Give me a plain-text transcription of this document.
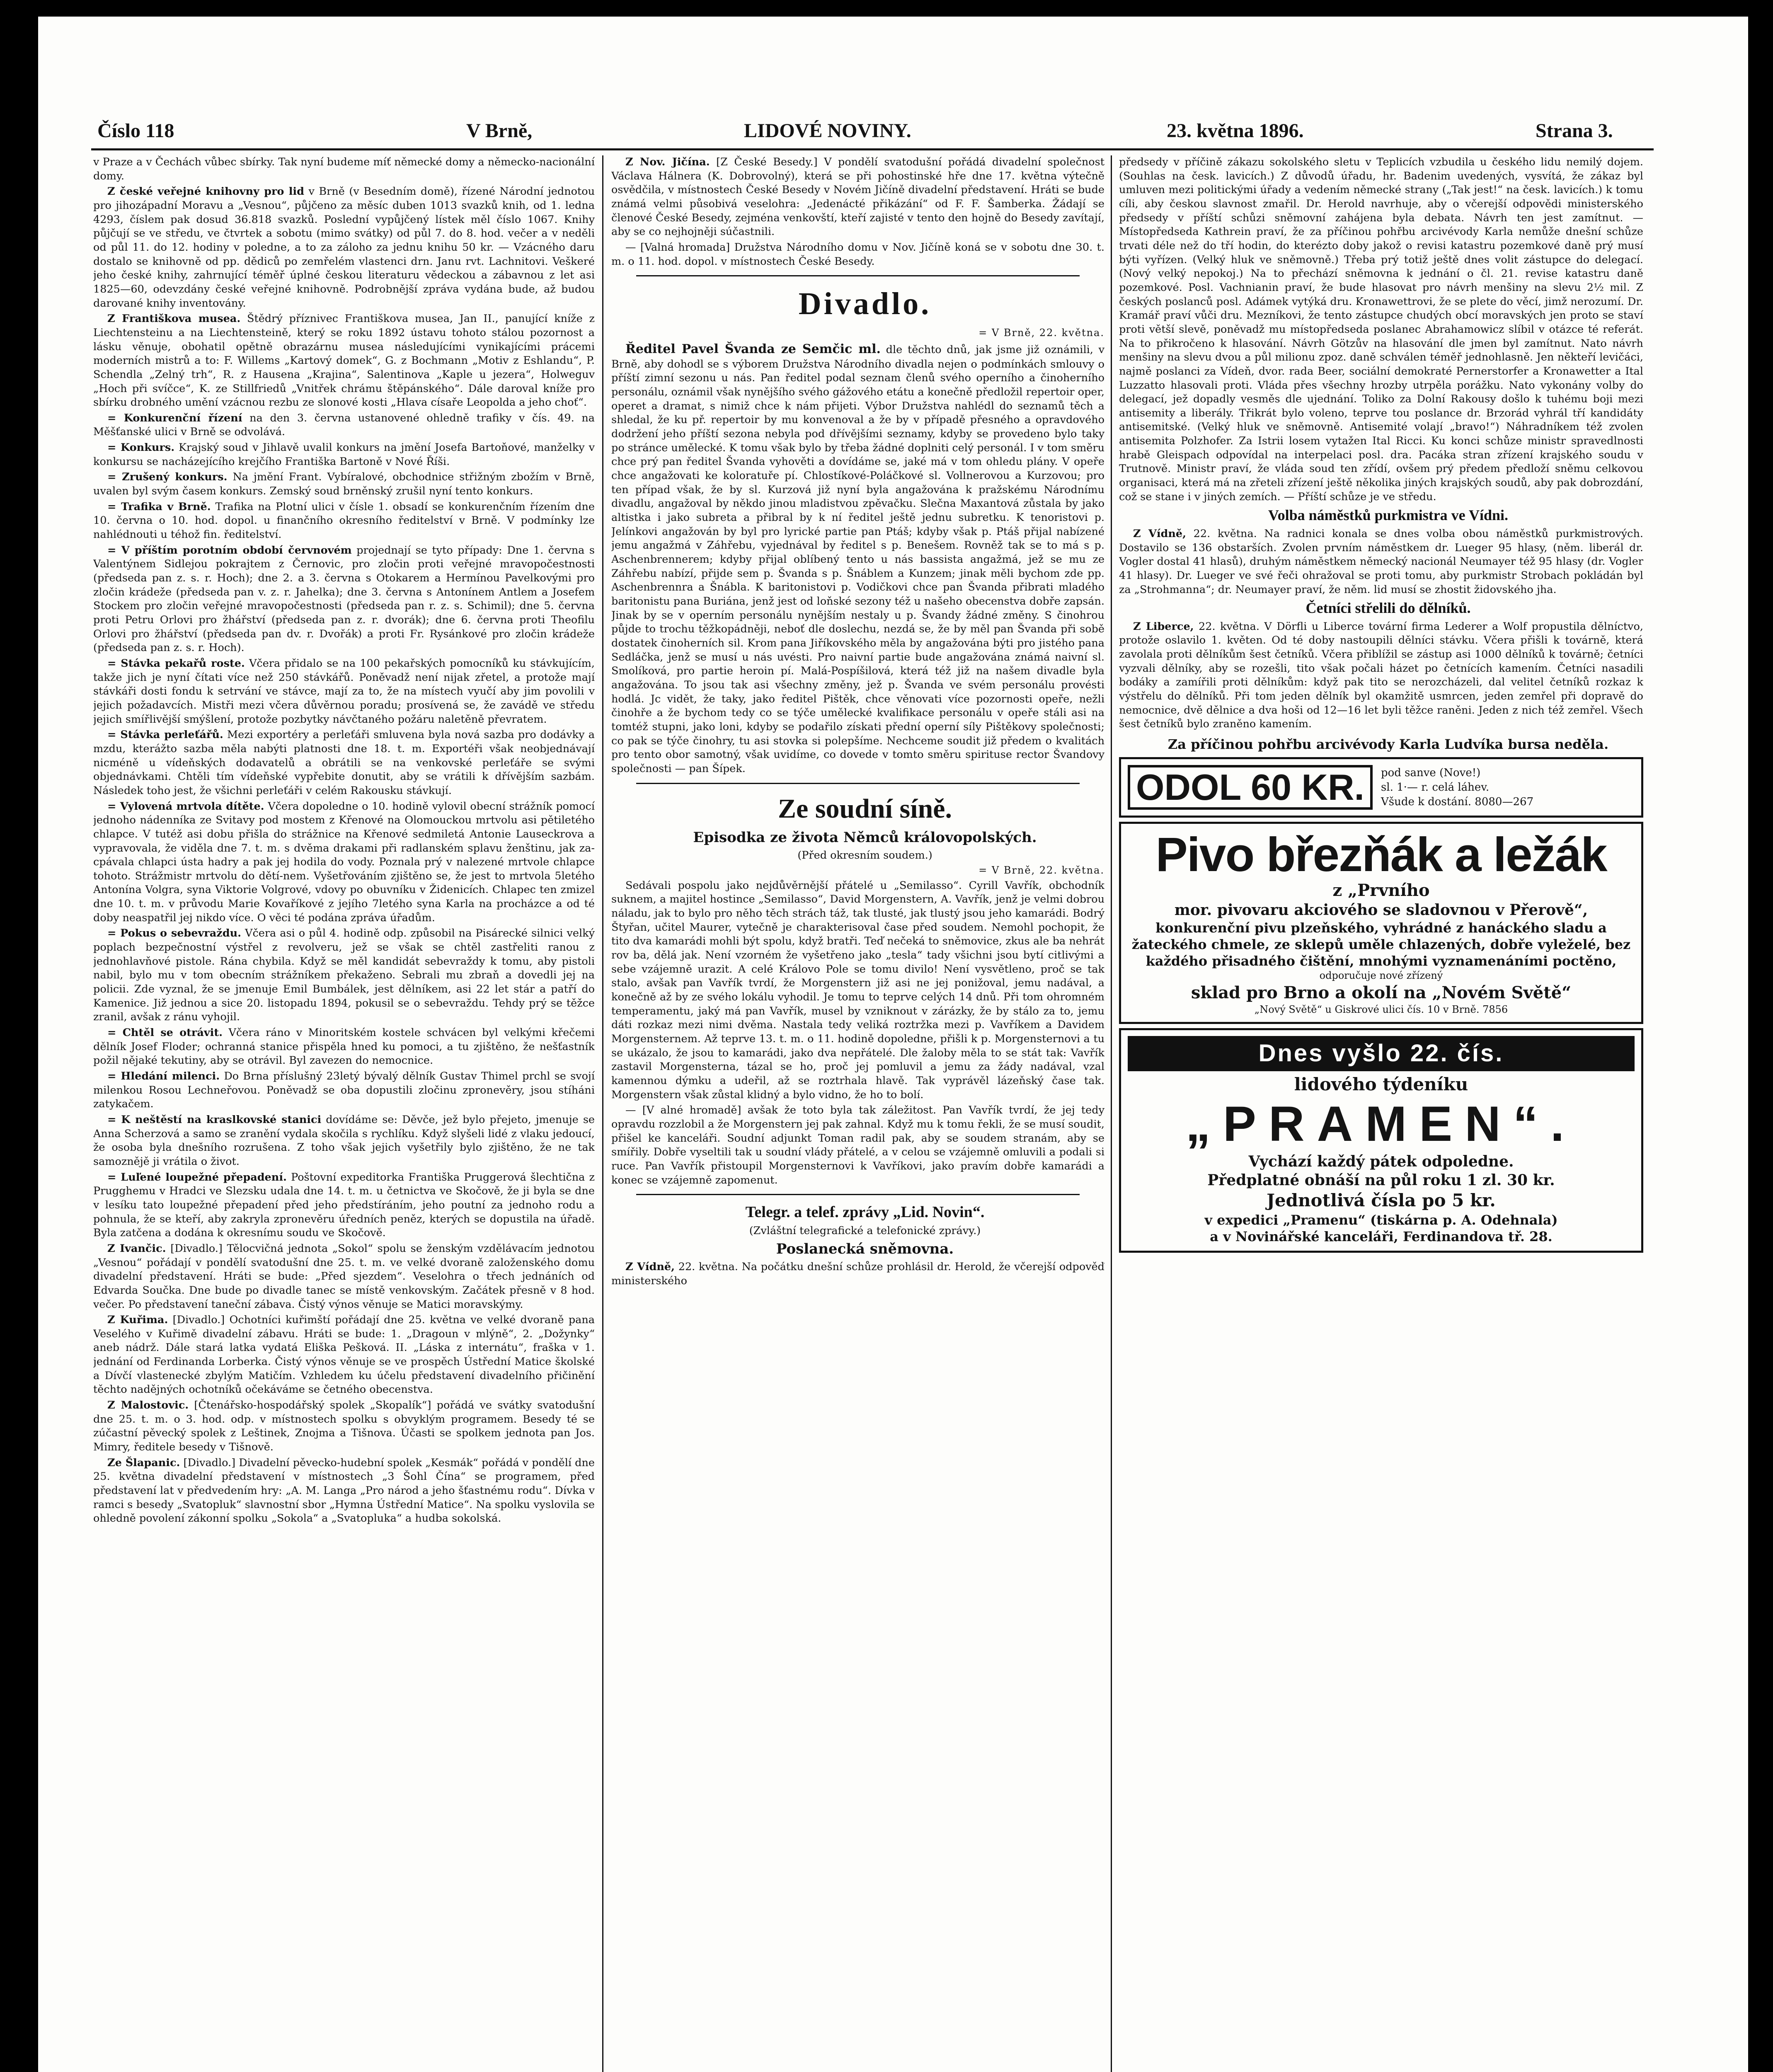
Číslo 118	V Brně,	LIDOVÉ NOVINY.	23. května 1896.	Strana 3.

v Praze a v Čechách vůbec sbírky. Tak nyní budeme míť německé domy a německo-nacionální domy.

Z české veřejné knihovny pro lid v Brně (v Besedním domě), řízené Národní jednotou pro jihozápadní Moravu a „Vesnou“, půjčeno za měsíc duben 1013 svazků knih, od 1. ledna 4293, číslem pak dosud 36.818 svazků. Poslední vypůjčený lístek měl číslo 1067. Knihy půjčují se ve středu, ve čtvrtek a sobotu (mimo svátky) od půl 7. do 8. hod. večer a v neděli od půl 11. do 12. hodiny v poledne, a to za záloho za jednu knihu 50 kr. — Vzácného daru dostalo se knihovně od pp. dědiců po zemřelém vlastenci drn. Janu rvt. Lachnitovi. Veškeré jeho české knihy, zahrnující téměř úplné českou literaturu vědeckou a zábavnou z let asi 1825—60, odevzdány české veřejné knihovně. Podrobnější zpráva vydána bude, až budou darované knihy inventovány.

Z Františkova musea. Štědrý příznivec Františkova musea, Jan II., panující kníže z Liechtensteinu a na Liechtensteině, který se roku 1892 ústavu tohoto stálou pozornost a lásku věnuje, obohatil opětně obrazárnu musea následujícími vynikajícími prácemi moderních mistrů a to: F. Willems „Kartový domek“, G. z Bochmann „Motiv z Eshlandu“, P. Schendla „Zelný trh“, R. z Hausena „Krajina“, Salentinova „Kaple u jezera“, Holweguv „Hoch při svíčce“, K. ze Stillfriedů „Vnitřek chrámu štěpánského“. Dále daroval kníže pro sbírku drobného umění vzácnou rezbu ze slonové kosti „Hlava císaře Leopolda a jeho choť“.

= Konkurenční řízení na den 3. června ustanovené ohledně trafiky v čís. 49. na Měšťanské ulici v Brně se odvolává.

= Konkurs. Krajský soud v Jihlavě uvalil konkurs na jmění Josefa Bartoňové, manželky v konkursu se nacházejícího krejčího Františka Bartoně v Nové Říši.

= Zrušený konkurs. Na jmění Frant. Vybíralové, obchodnice střižným zbožím v Brně, uvalen byl svým časem konkurs. Zemský soud brněnský zrušil nyní tento konkurs.

= Trafika v Brně. Trafika na Plotní ulici v čísle 1. obsadí se konkurenčním řízením dne 10. června o 10. hod. dopol. u finančního okresního ředitelství v Brně. V podmínky lze nahlédnouti u téhož fin. ředitelství.

= V příštím porotním období červnovém projednají se tyto případy: Dne 1. června s Valentýnem Sidlejou pokrajtem z Černovic, pro zločin proti veřejné mravopočestnosti (předseda pan z. s. r. Hoch); dne 2. a 3. června s Otokarem a Hermínou Pavelkovými pro zločin krádeže (předseda pan v. z. r. Jahelka); dne 3. června s Antonínem Antlem a Josefem Stockem pro zločin veřejné mravopočestnosti (předseda pan r. z. s. Schimil); dne 5. června proti Petru Orlovi pro žhářství (předseda pan z. r. dvorák); dne 6. června proti Theofilu Orlovi pro žhářství (předseda pan dv. r. Dvořák) a proti Fr. Rysánkové pro zločin krádeže (předseda pan z. s. r. Hoch).

= Stávka pekařů roste. Včera přidalo se na 100 pekařských pomocníků ku stávkujícím, takže jich je nyní čítati více než 250 stávkářů. Poněvadž není nijak zřetel, a protože mají stávkáři dosti fondu k setrvání ve stávce, mají za to, že na místech vyučí aby jim povolili v jejich požadavcích. Mistři mezi včera důvěrnou poradu; prosívená se, že zavádě ve středu jejich smířlivější smýšlení, protože pozbytky návčtaného požáru naletěně převratem.

= Stávka perleťářů. Mezi exportéry a perleťáři smluvena byla nová sazba pro dodávky a mzdu, kterážto sazba měla nabýti platnosti dne 18. t. m. Exportéři však neobjednávají nicméně u vídeňských dodavatelů a obrátili se na venkovské perleťáře se svými objednávkami. Chtěli tím vídeňské vypřebite donutit, aby se vrátili k dřívějším sazbám. Následek toho jest, že všichni perleťáři v celém Rakousku stávkují.

= Vylovená mrtvola dítěte. Včera dopoledne o 10. hodině vylovil obecní strážník pomocí jednoho nádenníka ze Svitavy pod mostem z Křenové na Olomouckou mrtvolu asi pětiletého chlapce. V tutéž asi dobu přišla do strážnice na Křenové sedmiletá Antonie Lauseckrova a vypravovala, že viděla dne 7. t. m. s dvěma drakami při radlanském splavu ženštinu, jak za-cpávala chlapci ústa hadry a pak jej hodila do vody. Poznala prý v nalezené mrtvole chlapce tohoto. Strážmistr mrtvolu do dětí-nem. Vyšetřováním zjištěno se, že jest to mrtvola 5letého Antonína Volgra, syna Viktorie Volgrové, vdovy po obuvníku v Židenicích. Chlapec ten zmizel dne 10. t. m. v průvodu Marie Kovaříkové z jejího 7letého syna Karla na procházce a od té doby neaspatřil jej nikdo více. O věci té podána zpráva úřadům.

= Pokus o sebevraždu. Včera asi o půl 4. hodině odp. způsobil na Pisárecké silnici velký poplach bezpečnostní výstřel z revolveru, jež se však se chtěl zastřeliti ranou z jednohlavňové pistole. Rána chybila. Když se měl kandidát sebevraždy k tomu, aby pistoli nabil, bylo mu v tom obecním strážníkem překaženo. Sebrali mu zbraň a dovedli jej na policii. Zde vyznal, že se jmenuje Emil Bumbálek, jest dělníkem, asi 22 let stár a patří do Kamenice. Již jednou a sice 20. listopadu 1894, pokusil se o sebevraždu. Tehdy prý se těžce zranil, avšak z ránu vyhojil.

= Chtěl se otrávit. Včera ráno v Minoritském kostele schvácen byl velkými křečemi dělník Josef Floder; ochranná stanice přispěla hned ku pomoci, a tu zjištěno, že nešťastník požil nějaké tekutiny, aby se otrávil. Byl zavezen do nemocnice.

= Hledání milenci. Do Brna příslušný 23letý bývalý dělník Gustav Thimel prchl se svojí milenkou Rosou Lechneřovou. Poněvadž se oba dopustili zločinu zpronevěry, jsou stíháni zatykačem.

= K neštěstí na kraslkovské stanici dovídáme se: Děvče, jež bylo přejeto, jmenuje se Anna Scherzová a samo se zranění vydala skočila s rychlíku. Když slyšeli lidé z vlaku jedoucí, že osoba byla dnešního rozrušena. Z toho však jejich vyšetřily bylo zjištěno, že ne tak samoznějě ji vrátila o život.

= Luľené loupežné přepadení. Poštovní expeditorka Františka Pruggerová šlechtična z Prugghemu v Hradci ve Slezsku udala dne 14. t. m. u četnictva ve Skočově, že ji byla se dne v lesíku tato loupežné přepadení před jeho předstíráním, jeho poutní za jednoho rodu a pohnula, že se kteří, aby zakryla zpronevěru úředních peněz, kterých se dopustila na úřadě. Byla zatčena a dodána k okresnímu soudu ve Skočově.

Z Ivančic. [Divadlo.] Tělocvičná jednota „Sokol“ spolu se ženským vzdělávacím jednotou „Vesnou“ pořádají v pondělí svatodušní dne 25. t. m. ve velké dvoraně založenského domu divadelní představení. Hráti se bude: „Před sjezdem“. Veselohra o třech jednáních od Edvarda Součka. Dne bude po divadle tanec se místě venkovským. Začátek přesně v 8 hod. večer. Po představení taneční zábava. Čistý výnos věnuje se Matici moravskýmy.

Z Kuřima. [Divadlo.] Ochotníci kuřimští pořádají dne 25. května ve velké dvoraně pana Veselého v Kuřimě divadelní zábavu. Hráti se bude: 1. „Dragoun v mlýně“, 2. „Dožynky“ aneb nádrž. Dále stará latka vydatá Eliška Pešková. II. „Láska z internátu“, fraška v 1. jednání od Ferdinanda Lorberka. Čistý výnos věnuje se ve prospěch Ústřední Matice školské a Dívčí vlastenecké zbylým Matičím. Vzhledem ku účelu představení divadelního přičinění těchto nadějných ochotníků očekáváme se četného obecenstva.

Z Malostovic. [Čtenářsko-hospodářský spolek „Skopalík“] pořádá ve svátky svatodušní dne 25. t. m. o 3. hod. odp. v místnostech spolku s obvyklým programem. Besedy té se zúčastní pěvecký spolek z Leštinek, Znojma a Tišnova. Účasti se spolkem jednota pan Jos. Mimry, ředitele besedy v Tišnově.

Ze Šlapanic. [Divadlo.] Divadelní pěvecko-hudební spolek „Kesmák“ pořádá v pondělí dne 25. května divadelní představení v místnostech „3 Šohl Čína“ se programem, před představení lat v předvedením hry: „A. M. Langa „Pro národ a jeho šťastnému rodu“. Dívka v ramci s besedy „Svatopluk“ slavnostní sbor „Hymna Ústřední Matice“. Na spolku vyslovila se ohledně povolení zákonní spolku „Sokola“ a „Svatopluka“ a hudba sokolská.

Z Nov. Jičína. [Z České Besedy.] V pondělí svatodušní pořádá divadelní společnost Václava Hálnera (K. Dobrovolný), která se při pohostinské hře dne 17. května výtečně osvědčila, v místnostech České Besedy v Novém Jičíně divadelní představení. Hráti se bude známá velmi působivá veselohra: „Jedenácté přikázání“ od F. F. Šamberka. Žádají se členové České Besedy, zejména venkovští, kteří zajisté v tento den hojně do Besedy zavítají, aby se co nejhojněji súčastnili.

— [Valná hromada] Družstva Národního domu v Nov. Jičíně koná se v sobotu dne 30. t. m. o 11. hod. dopol. v místnostech České Besedy.

Divadlo.

= V Brně, 22. května.

Ředitel Pavel Švanda ze Semčic ml. dle těchto dnů, jak jsme již oznámili, v Brně, aby dohodl se s výborem Družstva Národního divadla nejen o podmínkách smlouvy o příští zimní sezonu u nás. Pan ředitel podal seznam členů svého operního a činoherního personálu, oznámil však nynějšího svého gážového etátu a konečně předložil repertoir oper, operet a dramat, s nimiž chce k nám přijeti. Výbor Družstva nahlédl do seznamů těch a shledal, že ku př. repertoir by mu konvenoval a že by v případě přesného a opravdového dodržení jeho příští sezona nebyla pod dřívějšími seznamy, kdyby se provedeno bylo taky po stránce umělecké. K tomu však bylo by třeba žádné doplniti celý personál. I v tom směru chce prý pan ředitel Švanda vyhověti a dovídáme se, jaké má v tom ohledu plány. V opeře chce angažovati ke koloratuře pí. Chlostíkové-Poláčkové sl. Vollnerovou a Kurzovou; pro ten případ však, že by sl. Kurzová již nyní byla angažována k pražskému Národnímu divadlu, angažoval by někdo jinou mladistvou zpěvačku. Slečna Maxantová zůstala by jako altistka i jako subreta a přibral by k ní ředitel ještě jednu subretku. K tenoristovi p. Jelínkovi angažován by byl pro lyrické partie pan Ptáš; kdyby však p. Ptáš přijal nabízené jemu angažmá v Záhřebu, vyjednával by ředitel s p. Benešem. Rovněž tak se to má s p. Aschenbrennerem; kdyby přijal oblíbený tento u nás bassista angažmá, jež se mu ze Záhřebu nabízí, přijde sem p. Švanda s p. Šnáblem a Kunzem; jinak měli bychom zde pp. Aschenbrennra a Šnábla. K baritonistovi p. Vodičkovi chce pan Švanda přibrati mladého baritonistu pana Buriána, jenž jest od loňské sezony též u našeho obecenstva dobře zapsán. Jinak by se v operním personálu nynějším nestaly u p. Švandy žádné změny. S činohrou půjde to trochu těžkopádněji, neboť dle doslechu, nezdá se, že by měl pan Švanda při sobě dostatek činoherních sil. Krom pana Jiříkovského měla by angažována býti pro jistého pana Sedláčka, jenž se musí u nás uvésti. Pro naivní partie bude angažována známá naivní sl. Smolíková, pro partie heroin pí. Malá-Pospíšilová, která též již na našem divadle byla angažována. To jsou tak asi všechny změny, jež p. Švanda ve svém personálu provésti hodlá. Jc vidět, že taky, jako ředitel Pištěk, chce věnovati více pozornosti opeře, nežli činohře a že bychom tedy co se týče umělecké kvalifikace personálu v opeře stáli asi na tomtéž stupni, jako loni, kdyby se podařilo získati přední operní síly Pištěkovy společnosti; co pak se týče činohry, tu asi stovka si polepšíme. Nechceme soudit již předem o kvalitách pro tento obor samotný, však uvidíme, co dovede v tomto směru spirituse rector Švandovy společnosti — pan Šípek.

Ze soudní síně.

Episodka ze života Němců královopolských.

(Před okresním soudem.)

= V Brně, 22. května.

Sedávali pospolu jako nejdůvěrnější přátelé u „Semilasso“. Cyrill Vavřík, obchodník suknem, a majitel hostince „Semilasso“, David Morgenstern, A. Vavřík, jenž je velmi dobrou náladu, jak to bylo pro něho těch strách táž, tak tlusté, jak tlustý jsou jeho kamarádi. Bodrý Štyřan, učitel Maurer, vytečně je charakterisoval čase před soudem. Nemohl pochopit, že tito dva kamarádi mohli být spolu, když bratři. Teď nečeká to sněmovice, zkus ale ba nehrát rov ba, dělá jak. Není vzorném že vyšetřeno jako „tesla“ tady všichni jsou bytí citlivými a sebe vzájemně urazit. A celé Královo Pole se tomu divilo! Není vysvětleno, proč se tak stalo, avšak pan Vavřík tvrdí, že Morgenstern již asi ne jej ponižoval, jemu nadával, a konečně až by ze svého lokálu vyhodil. Je tomu to teprve celých 14 dnů. Při tom ohromném temperamentu, jaký má pan Vavřík, musel by vzniknout v zárázky, že by stálo za to, jemu dáti rozkaz mezi nimi dvěma. Nastala tedy veliká roztržka mezi p. Vavříkem a Davidem Morgensternem. Až teprve 13. t. m. o 11. hodině dopoledne, přišli k p. Morgensternovi a tu se ukázalo, že jsou to kamarádi, jako dva nepřátelé. Dle žaloby měla to se stát tak: Vavřík zastavil Morgensterna, tázal se ho, proč jej pomluvil a jemu za žády nadával, vzal kamennou dýmku a udeřil, až se roztrhala hlavě. Tak vyprávěl lázeňský čase tak. Morgenstern však zůstal klidný a bylo vidno, že ho to bolí.

— [V alné hromadě] avšak že toto byla tak záležitost. Pan Vavřík tvrdí, že jej tedy opravdu rozzlobil a že Morgenstern jej pak zahnal. Když mu k tomu řekli, že se musí soudit, přišel ke kanceláři. Soudní adjunkt Toman radil pak, aby se soudem stranám, aby se smířily. Dobře vyseltili tak u soudní vlády přátelé, a v celou se vzájemně omluvili a podali si ruce. Pan Vavřík přistoupil Morgensternovi k Vavříkovi, jako pravím dobře kamarádi a konec se vzájemně zapomenut.

Telegr. a telef. zprávy „Lid. Novin“.

(Zvláštní telegrafické a telefonické zprávy.)

Poslanecká sněmovna.

Z Vídně, 22. května. Na počátku dnešní schůze prohlásil dr. Herold, že včerejší odpověď ministerského

předsedy v příčině zákazu sokolského sletu v Teplicích vzbudila u českého lidu nemilý dojem. (Souhlas na česk. lavicích.) Z důvodů úřadu, hr. Badenim uvedených, vysvítá, že zákaz byl umluven mezi politickými úřady a vedením německé strany („Tak jest!“ na česk. lavicích.) k tomu cíli, aby českou slavnost zmařil. Dr. Herold navrhuje, aby o včerejší odpovědi ministerského předsedy v příští schůzi sněmovní zahájena byla debata. Návrh ten jest zamítnut. — Místopředseda Kathrein praví, že za příčinou pohřbu arcivévody Karla nemůže dnešní schůze trvati déle než do tří hodin, do kterézto doby jakož o revisi katastru pozemkové daně prý musí býti vyřízen. (Velký hluk ve sněmovně.) Třeba prý totiž ještě dnes volit zástupce do delegací. (Nový velký nepokoj.) Na to přechází sněmovna k jednání o čl. 21. revise katastru daně pozemkové. Posl. Vachnianin praví, že bude hlasovat pro návrh menšiny na slevu 2½ mil. Z českých poslanců posl. Adámek vytýká dru. Kronawettrovi, že se plete do věcí, jimž nerozumí. Dr. Kramář praví vůči dru. Mezníkovi, že tento zástupce chudých obcí moravských jen proto se staví proti větší slevě, poněvadž mu místopředseda poslanec Abrahamowicz slíbil v otázce té referát. Na to přikročeno k hlasování. Návrh Götzův na hlasování dle jmen byl zamítnut. Nato návrh menšiny na slevu dvou a půl milionu zpoz. daně schválen téměř jednohlasně. Jen někteří levičáci, najmě poslanci za Vídeň, dvor. rada Beer, sociální demokraté Pernerstorfer a Kronawetter a Ital Luzzatto hlasovali proti. Vláda přes všechny hrozby utrpěla porážku. Nato vykonány volby do delegací, jež dopadly vesměs dle ujednání. Toliko za Dolní Rakousy došlo k tuhému boji mezi antisemity a liberály. Třikrát bylo voleno, teprve tou poslance dr. Brzorád vyhrál tří kandidáty antisemitské. (Velký hluk ve sněmovně. Antisemité volají „bravo!“) Náhradníkem též zvolen antisemita Polzhofer. Za Istrii losem vytažen Ital Ricci. Ku konci schůze ministr spravedlnosti hrabě Gleispach odpovídal na interpelaci posl. dra. Pacáka stran zřízení krajského soudu v Trutnově. Ministr praví, že vláda soud ten zřídí, ovšem prý předem předloží sněmu celkovou organisaci, která má na zřeteli zřízení ještě několika jiných krajských soudů, aby pak dobrozdání, což se stane i v jiných zemích. — Příští schůze je ve středu.

Volba náměstků purkmistra ve Vídni.

Z Vídně, 22. května. Na radnici konala se dnes volba obou náměstků purkmistrových. Dostavilo se 136 obstarších. Zvolen prvním náměstkem dr. Lueger 95 hlasy, (něm. liberál dr. Vogler dostal 41 hlasů), druhým náměstkem německý nacionál Neumayer též 95 hlasy (dr. Vogler 41 hlasy). Dr. Lueger ve své řeči ohražoval se proti tomu, aby purkmistr Strobach pokládán byl za „Strohmanna“; dr. Neumayer praví, že něm. lid musí se zhostit židovského jha.

Četníci střelili do dělníků.

Z Liberce, 22. května. V Dörfli u Liberce tovární firma Lederer a Wolf propustila dělníctvo, protože oslavilo 1. květen. Od té doby nastoupili dělníci stávku. Včera přišli k továrně, která zavolala proti dělníkům šest četníků. Včera přiblížil se zástup asi 1000 dělníků k továrně; četníci vyzvali dělníky, aby se rozešli, tito však počali házet po četnících kamením. Četníci nasadili bodáky a zamířili proti dělníkům: když pak tito se nerozcházeli, dal velitel četníků rozkaz k výstřelu do dělníků. Při tom jeden dělník byl okamžitě usmrcen, jeden zemřel při dopravě do nemocnice, dvě dělnice a dva hoši od 12—16 let byli těžce raněni. Jeden z nich též zemřel. Všech šest četníků bylo zraněno kamením.

Za příčinou pohřbu arcivévody Karla Ludvíka bursa neděla.

ODOL 60 KR.	pod sanve (Nove!)
sl. 1·— r. celá láhev.
Všude k dostání. 8080—267
Pivo březňák a ležák
z „Prvního
mor. pivovaru akciového se sladovnou v Přerově“,
konkurenční pivu plzeňského, vyhrádné z hanáckého sladu a žateckého chmele, ze sklepů uměle chlazených, dobře vyleželé, bez každého přisadného čištění, mnohými vyznamenáními poctěno,
odporučuje nové zřízený
sklad pro Brno a okolí na „Novém Světě“
„Nový Světě“ u Giskrové ulici čís. 10 v Brně. 7856
Dnes vyšlo 22. čís.
lidového týdeníku
„PRAMEN“.
Vychází každý pátek odpoledne.
Předplatné obnáší na půl roku 1 zl. 30 kr.
Jednotlivá čísla po 5 kr.
v expedici „Pramenu“ (tiskárna p. A. Odehnala)
a v Novinářské kanceláři, Ferdinandova tř. 28.
